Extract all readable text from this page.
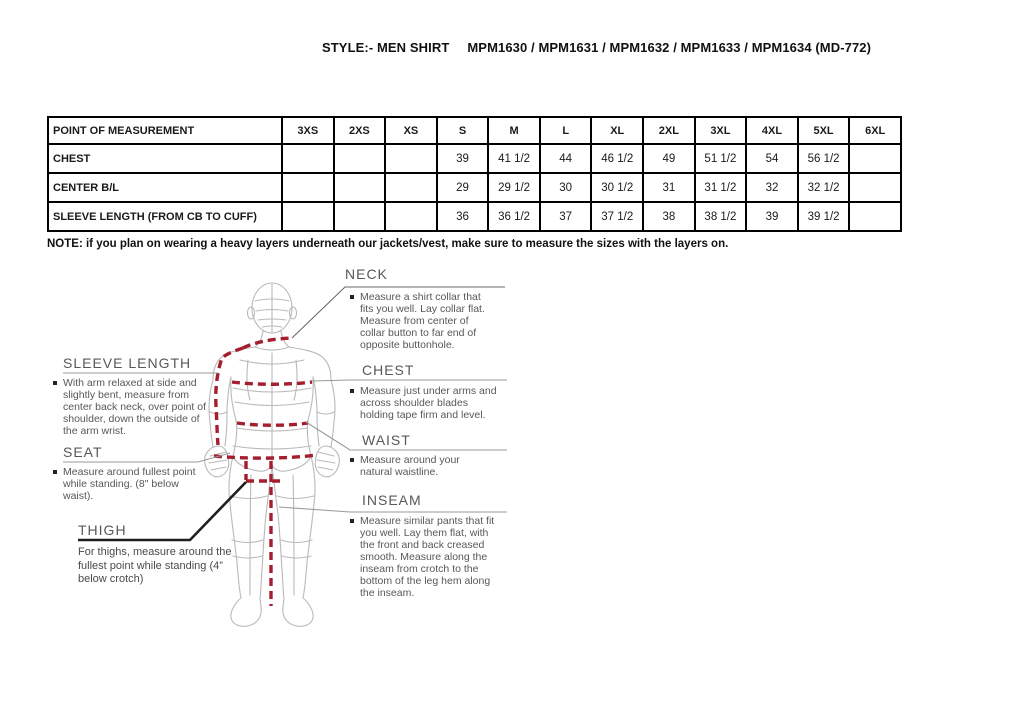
STYLE:- MEN SHIRT MPM1630 / MPM1631 / MPM1632 / MPM1633 / MPM1634 (MD-772)
POINT OF MEASUREMENT	3XS	2XS	XS	S	M	L	XL	2XL	3XL	4XL	5XL	6XL
CHEST				39	41 1/2	44	46 1/2	49	51 1/2	54	56 1/2	
CENTER B/L				29	29 1/2	30	30 1/2	31	31 1/2	32	32 1/2	
SLEEVE LENGTH (FROM CB TO CUFF)				36	36 1/2	37	37 1/2	38	38 1/2	39	39 1/2	
NOTE: if you plan on wearing a heavy layers underneath our jackets/vest, make sure to measure the sizes with the layers on.
SLEEVE LENGTH
With arm relaxed at side and slightly bent, measure from center back neck, over point of shoulder, down the outside of the arm wrist.
SEAT
Measure around fullest point while standing. (8" below waist).
THIGH
For thighs, measure around the fullest point while standing (4” below crotch)
NECK
Measure a shirt collar that fits you well. Lay collar flat. Measure from center of collar button to far end of opposite buttonhole.
CHEST
Measure just under arms and across shoulder blades holding tape firm and level.
WAIST
Measure around your natural waistline.
INSEAM
Measure similar pants that fit you well. Lay them flat, with the front and back creased smooth. Measure along the inseam from crotch to the bottom of the leg hem along the inseam.
